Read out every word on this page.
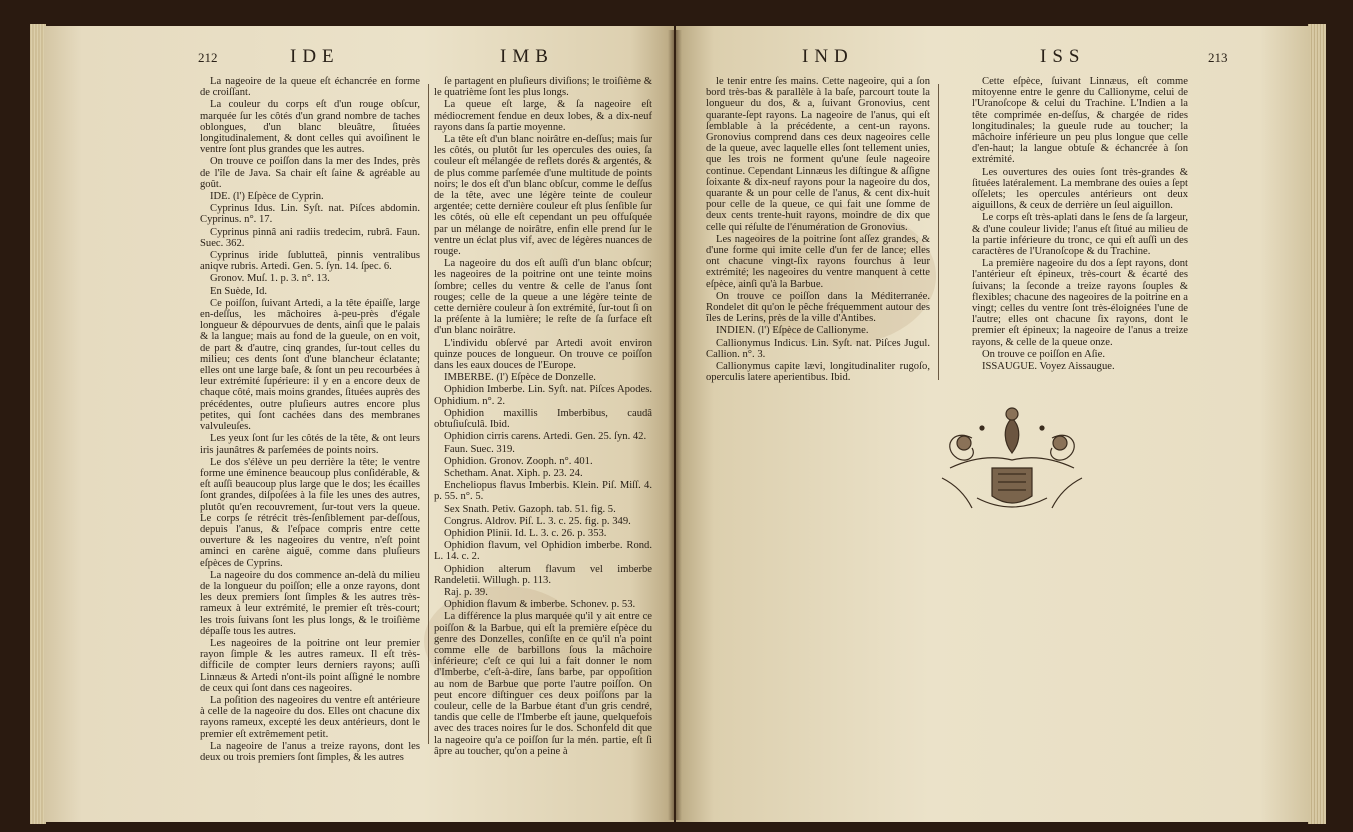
212	IDE	IMB	IND	ISS	213

La nageoire de la queue eſt échancrée en forme de croiſſant.

La couleur du corps eſt d'un rouge obſcur, marquée ſur les côtés d'un grand nombre de taches oblongues, d'un blanc bleuâtre, ſituées longitudinalement, & dont celles qui avoiſinent le ventre ſont plus grandes que les autres.

On trouve ce poiſſon dans la mer des Indes, près de l'île de Java. Sa chair eſt ſaine & agréable au goût.

IDE. (l') Eſpèce de Cyprin.

Cyprinus Idus. Lin. Syſt. nat. Piſces abdomin. Cyprinus. n°. 17.

Cyprinus pinnâ ani radiis tredecim, rubrâ. Faun. Suec. 362.

Cyprinus iride ſublutteâ, pinnis ventralibus aniqve rubris. Artedi. Gen. 5. ſyn. 14. ſpec. 6.

Gronov. Muſ. 1. p. 3. n°. 13.

En Suède, Id.

Ce poiſſon, ſuivant Artedi, a la tête épaiſſe, large en-deſſus, les mâchoires à-peu-près d'égale longueur & dépourvues de dents, ainſi que le palais & la langue; mais au fond de la gueule, on en voit, de part & d'autre, cinq grandes, ſur-tout celles du milieu; ces dents ſont d'une blancheur éclatante; elles ont une large baſe, & ſont un peu recourbées à leur extrémité ſupérieure: il y en a encore deux de chaque côté, mais moins grandes, ſituées auprès des précédentes, outre pluſieurs autres encore plus petites, qui ſont cachées dans des membranes valvuleuſes.

Les yeux ſont ſur les côtés de la tête, & ont leurs iris jaunâtres & parſemées de points noirs.

Le dos s'élève un peu derrière la tête; le ventre forme une éminence beaucoup plus conſidérable, & eſt auſſi beaucoup plus large que le dos; les écailles ſont grandes, diſpoſées à la file les unes des autres, plutôt qu'en recouvrement, ſur-tout vers la queue. Le corps ſe rétrécit très-ſenſiblement par-deſſous, depuis l'anus, & l'eſpace compris entre cette ouverture & les nageoires du ventre, n'eſt point aminci en carène aiguë, comme dans pluſieurs eſpèces de Cyprins.

La nageoire du dos commence an-delà du milieu de la longueur du poiſſon; elle a onze rayons, dont les deux premiers ſont ſimples & les autres très-rameux à leur extrémité, le premier eſt très-court; les trois ſuivans ſont les plus longs, & le troiſième dépaſſe tous les autres.

Les nageoires de la poitrine ont leur premier rayon ſimple & les autres rameux. Il eſt très-difficile de compter leurs derniers rayons; auſſi Linnæus & Artedi n'ont-ils point aſſigné le nombre de ceux qui ſont dans ces nageoires.

La poſition des nageoires du ventre eſt antérieure à celle de la nageoire du dos. Elles ont chacune dix rayons rameux, excepté les deux antérieurs, dont le premier eſt extrêmement petit.

La nageoire de l'anus a treize rayons, dont les deux ou trois premiers ſont ſimples, & les autres

ſe partagent en pluſieurs diviſions; le troiſième & le quatrième ſont les plus longs.

La queue eſt large, & ſa nageoire eſt médiocrement fendue en deux lobes, & a dix-neuf rayons dans ſa partie moyenne.

La tête eſt d'un blanc noirâtre en-deſſus; mais ſur les côtés, ou plutôt ſur les opercules des ouies, ſa couleur eſt mélangée de reflets dorés & argentés, & de plus comme parſemée d'une multitude de points noirs; le dos eſt d'un blanc obſcur, comme le deſſus de la tête, avec une légère teinte de couleur argentée; cette dernière couleur eſt plus ſenſible ſur les côtés, où elle eſt cependant un peu offuſquée par un mélange de noirâtre, enfin elle prend ſur le ventre un éclat plus vif, avec de légères nuances de rouge.

La nageoire du dos eſt auſſi d'un blanc obſcur; les nageoires de la poitrine ont une teinte moins ſombre; celles du ventre & celle de l'anus ſont rouges; celle de la queue a une légère teinte de cette dernière couleur à ſon extrémité, ſur-tout ſi on la préſente à la lumière; le reſte de ſa ſurface eſt d'un blanc noirâtre.

L'individu obſervé par Artedi avoit environ quinze pouces de longueur. On trouve ce poiſſon dans les eaux douces de l'Europe.

IMBERBE. (l') Eſpèce de Donzelle.

Ophidion Imberbe. Lin. Syſt. nat. Piſces Apodes. Ophidium. n°. 2.

Ophidion maxillis Imberbibus, caudâ obtuſiuſculâ. Ibid.

Ophidion cirris carens. Artedi. Gen. 25. ſyn. 42.

Faun. Suec. 319.

Ophidion. Gronov. Zooph. n°. 401.

Schetham. Anat. Xiph. p. 23. 24.

Encheliopus flavus Imberbis. Klein. Piſ. Miſſ. 4. p. 55. n°. 5.

Sex Snath. Petiv. Gazoph. tab. 51. fig. 5.

Congrus. Aldrov. Piſ. L. 3. c. 25. fig. p. 349.

Ophidion Plinii. Id. L. 3. c. 26. p. 353.

Ophidion flavum, vel Ophidion imberbe. Rond. L. 14. c. 2.

Ophidion alterum flavum vel imberbe Randeletii. Willugh. p. 113.

Raj. p. 39.

Ophidion flavum & imberbe. Schonev. p. 53.

La différence la plus marquée qu'il y ait entre ce poiſſon & la Barbue, qui eſt la première eſpèce du genre des Donzelles, conſiſte en ce qu'il n'a point comme elle de barbillons ſous la mâchoire inférieure; c'eſt ce qui lui a fait donner le nom d'Imberbe, c'eſt-à-dire, ſans barbe, par oppoſition au nom de Barbue que porte l'autre poiſſon. On peut encore diſtinguer ces deux poiſſons par la couleur, celle de la Barbue étant d'un gris cendré, tandis que celle de l'Imberbe eſt jaune, quelquefois avec des traces noires ſur le dos. Schonfeld dit que la nageoire qu'a ce poiſſon ſur la mén. partie, eſt ſi âpre au toucher, qu'on a peine à

le tenir entre ſes mains. Cette nageoire, qui a ſon bord très-bas & parallèle à la baſe, parcourt toute la longueur du dos, & a, ſuivant Gronovius, cent quarante-ſept rayons. La nageoire de l'anus, qui eſt ſemblable à la précédente, a cent-un rayons. Gronovius comprend dans ces deux nageoires celle de la queue, avec laquelle elles ſont tellement unies, que les trois ne forment qu'une ſeule nageoire continue. Cependant Linnæus les diſtingue & aſſigne ſoixante & dix-neuf rayons pour la nageoire du dos, quarante & un pour celle de l'anus, & cent dix-huit pour celle de la queue, ce qui fait une ſomme de deux cents trente-huit rayons, moindre de dix que celle qui réſulte de l'énumération de Gronovius.

Les nageoires de la poitrine ſont aſſez grandes, & d'une forme qui imite celle d'un fer de lance; elles ont chacune vingt-ſix rayons fourchus à leur extrémité; les nageoires du ventre manquent à cette eſpèce, ainſi qu'à la Barbue.

On trouve ce poiſſon dans la Méditerranée. Rondelet dit qu'on le pêche fréquemment autour des îles de Lerins, près de la ville d'Antibes.

INDIEN. (l') Eſpèce de Callionyme.

Callionymus Indicus. Lin. Syſt. nat. Piſces Jugul. Callion. n°. 3.

Callionymus capite lævi, longitudinaliter rugoſo, operculis latere aperientibus. Ibid.

Cette eſpèce, ſuivant Linnæus, eſt comme mitoyenne entre le genre du Callionyme, celui de l'Uranoſcope & celui du Trachine. L'Indien a la tête comprimée en-deſſus, & chargée de rides longitudinales; la gueule rude au toucher; la mâchoire inférieure un peu plus longue que celle d'en-haut; la langue obtuſe & échancrée à ſon extrémité.

Les ouvertures des ouies ſont très-grandes & ſituées latéralement. La membrane des ouies a ſept oſſelets; les opercules antérieurs ont deux aiguillons, & ceux de derrière un ſeul aiguillon.

Le corps eſt très-aplati dans le ſens de ſa largeur, & d'une couleur livide; l'anus eſt ſitué au milieu de la partie inférieure du tronc, ce qui eſt auſſi un des caractères de l'Uranoſcope & du Trachine.

La première nageoire du dos a ſept rayons, dont l'antérieur eſt épineux, très-court & écarté des ſuivans; la ſeconde a treize rayons ſouples & flexibles; chacune des nageoires de la poitrine en a vingt; celles du ventre ſont très-éloignées l'une de l'autre; elles ont chacune ſix rayons, dont le premier eſt épineux; la nageoire de l'anus a treize rayons, & celle de la queue onze.

On trouve ce poiſſon en Aſie.

ISSAUGUE. Voyez Aissaugue.
